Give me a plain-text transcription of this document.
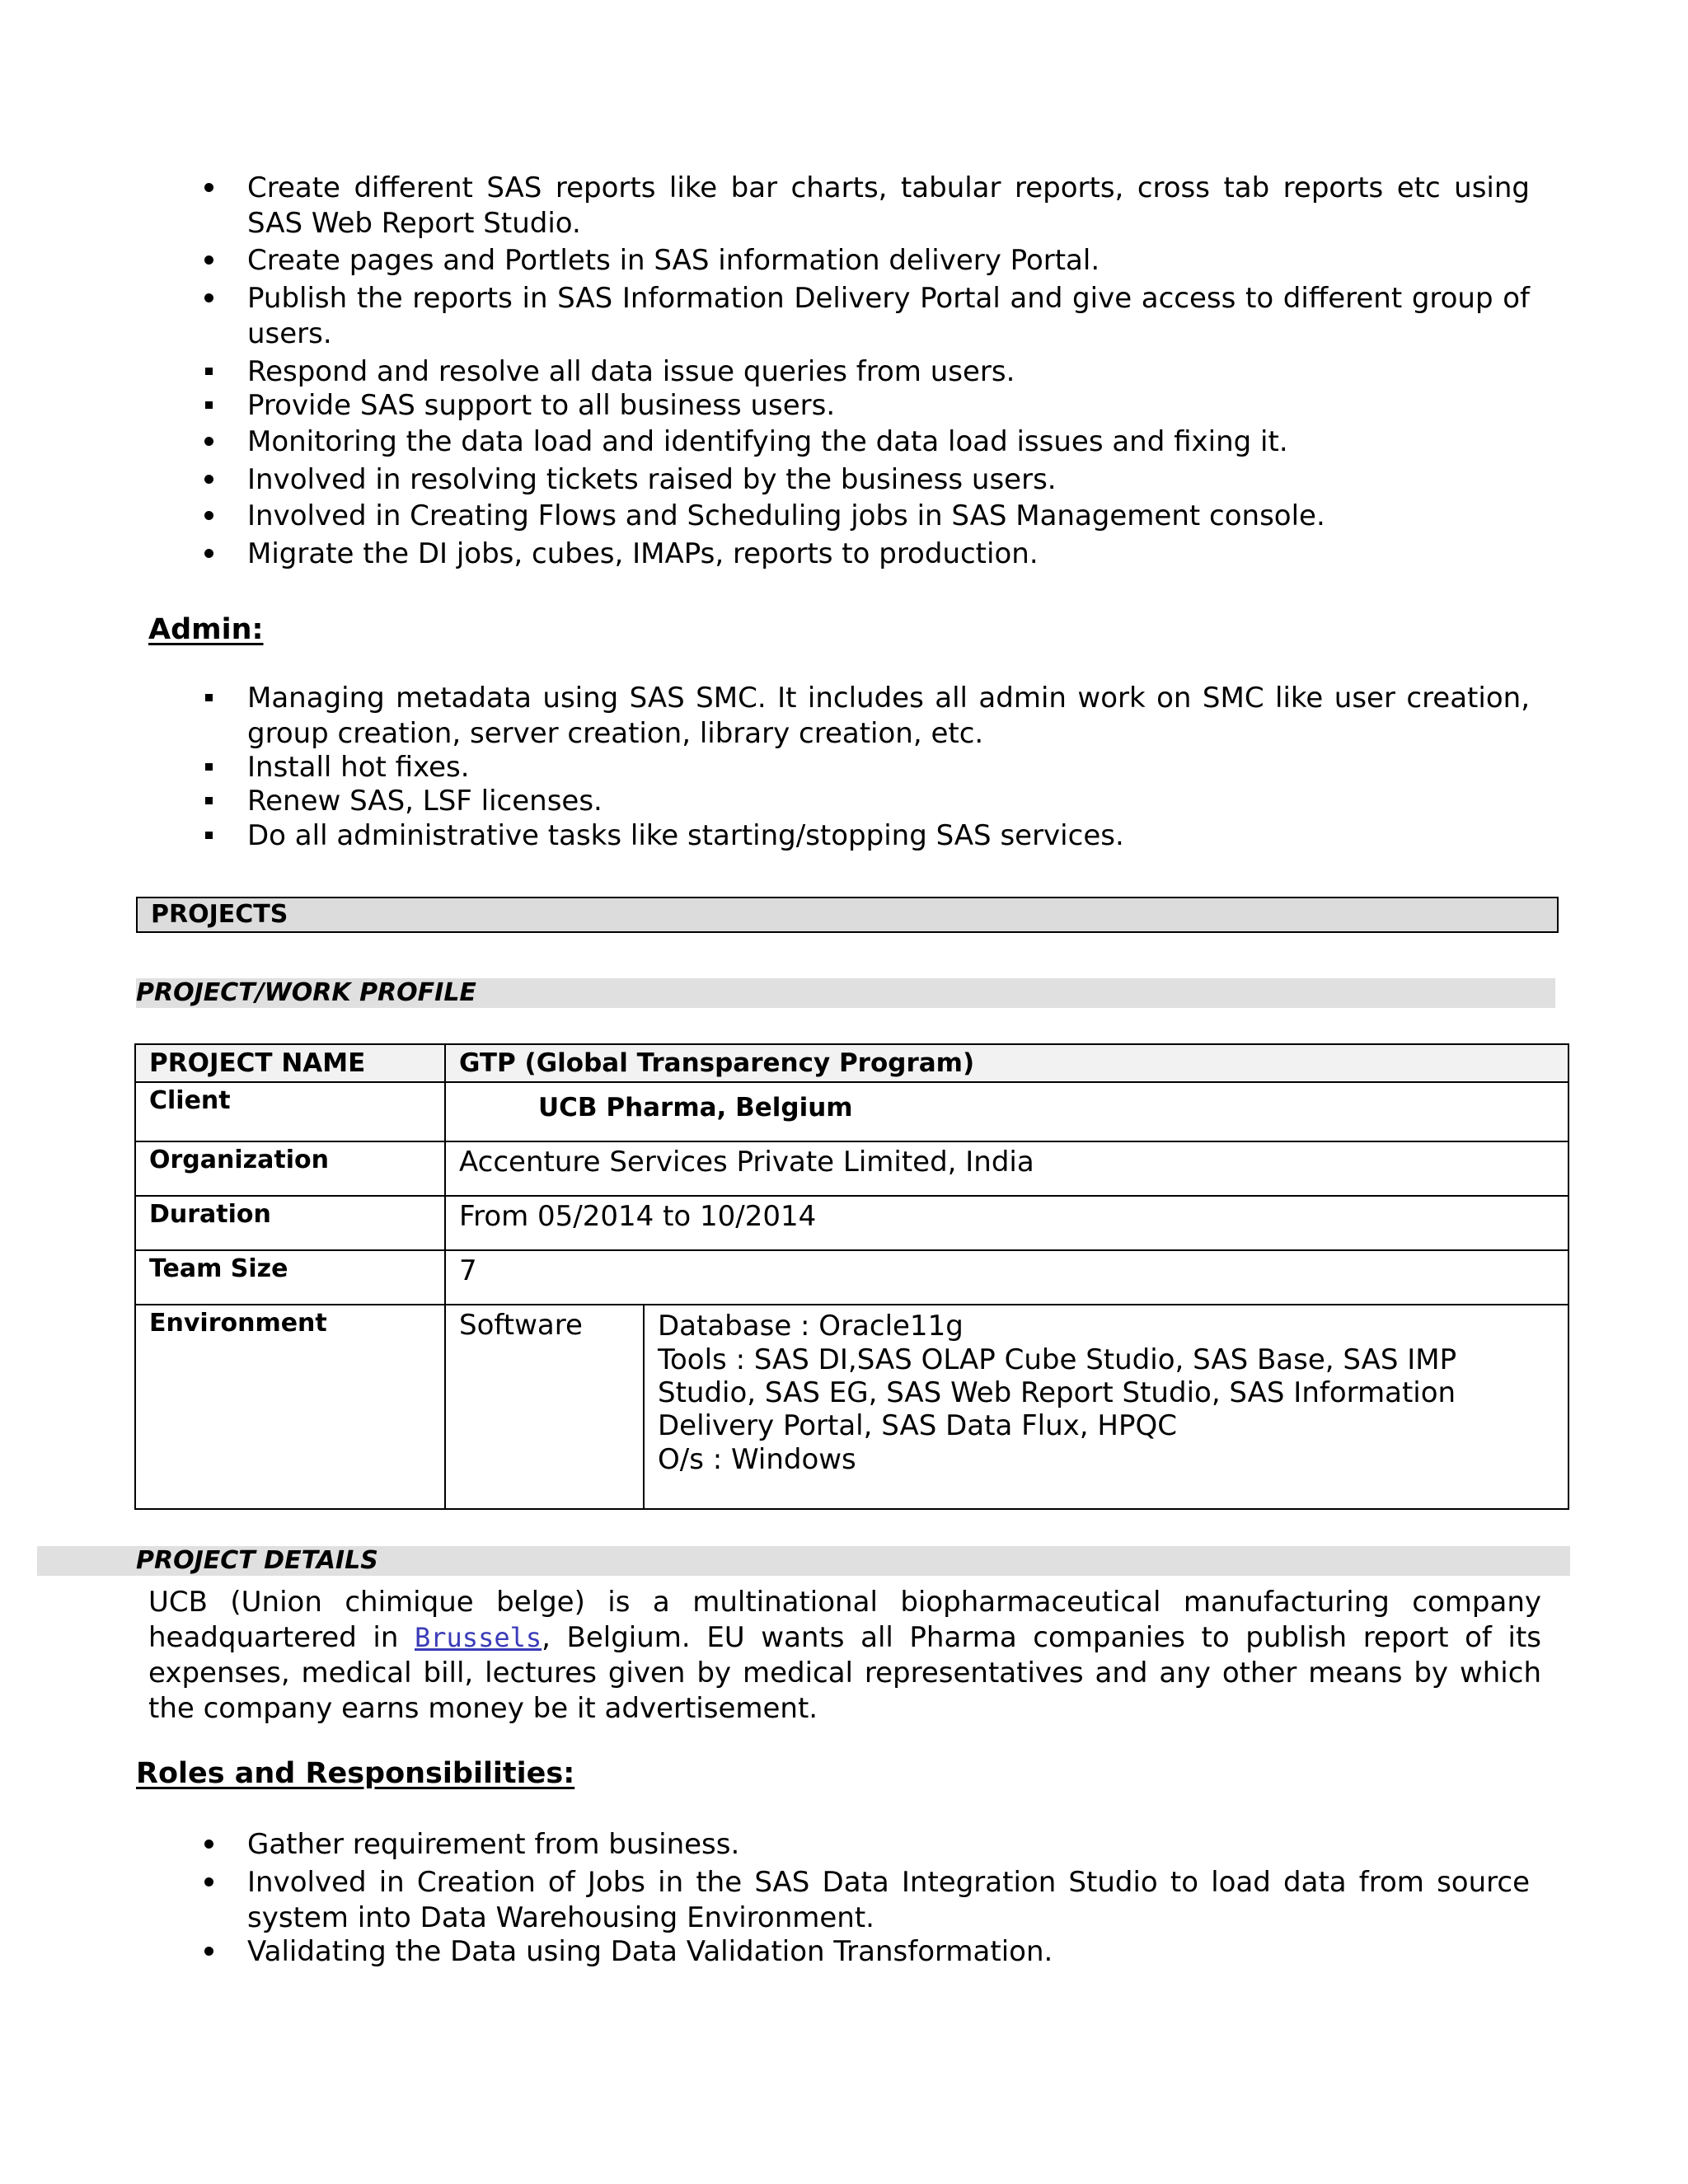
Create different SAS reports like bar charts, tabular reports, cross tab reports etc using SAS Web Report Studio.
Create pages and Portlets in SAS information delivery Portal.
Publish the reports in SAS Information Delivery Portal and give access to different group of users.
Respond and resolve all data issue queries from users.
Provide SAS support to all business users.
Monitoring the data load and identifying the data load issues and fixing it.
Involved in resolving tickets raised by the business users.
Involved in Creating Flows and Scheduling jobs in SAS Management console.
Migrate the DI jobs, cubes, IMAPs, reports to production.
Admin:
Managing metadata using SAS SMC. It includes all admin work on SMC like user creation, group creation, server creation, library creation, etc.
Install hot fixes.
Renew SAS, LSF licenses.
Do all administrative tasks like starting/stopping SAS services.
PROJECTS
PROJECT/WORK PROFILE
PROJECT NAME	GTP (Global Transparency Program)	
Client	UCB Pharma, Belgium	
Organization	Accenture Services Private Limited, India	
Duration	From 05/2014 to 10/2014	
Team Size	7	
Environment	Software	Database : Oracle11g
Tools : SAS DI,SAS OLAP Cube Studio, SAS Base, SAS IMP Studio, SAS EG, SAS Web Report Studio, SAS Information Delivery Portal, SAS Data Flux, HPQC
O/s : Windows
PROJECT DETAILS
UCB (Union chimique belge) is a multinational biopharmaceutical manufacturing company headquartered in Brussels, Belgium. EU wants all Pharma companies to publish report of its expenses, medical bill, lectures given by medical representatives and any other means by which the company earns money be it advertisement.
Roles and Responsibilities:
Gather requirement from business.
Involved in Creation of Jobs in the SAS Data Integration Studio to load data from source system into Data Warehousing Environment.
Validating the Data using Data Validation Transformation.
